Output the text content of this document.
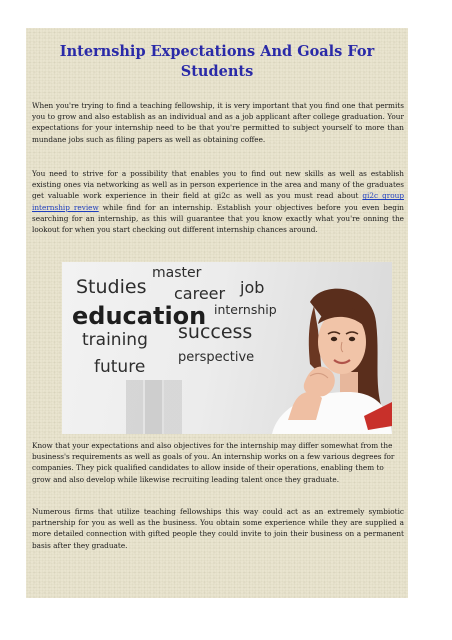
Internship Expectations And Goals For Students

When you're trying to find a teaching fellowship, it is very important that you find one that permits you to grow and also establish as an individual and as a job applicant after college graduation. Your expectations for your internship need to be that you're permitted to subject yourself to more than mundane jobs such as filing papers as well as obtaining coffee.

You need to strive for a possibility that enables you to find out new skills as well as establish existing ones via networking as well as in person experience in the area and many of the graduates get valuable work experience in their field at gi2c as well as you must read about gi2c group internship review while find for an internship. Establish your objectives before you even begin searching for an internship, as this will guarantee that you know exactly what you're onning the lookout for when you start checking out different internship chances around.

master
Studies career job
education internship
training success
future	perspective

Know that your expectations and also objectives for the internship may differ somewhat from the business's requirements as well as goals of you. An internship works on a few various degrees for companies. They pick qualified candidates to allow inside of their operations, enabling them to grow and also develop while likewise recruiting leading talent once they graduate.

Numerous firms that utilize teaching fellowships this way could act as an extremely symbiotic partnership for you as well as the business. You obtain some experience while they are supplied a more detailed connection with gifted people they could invite to join their business on a permanent basis after they graduate.
